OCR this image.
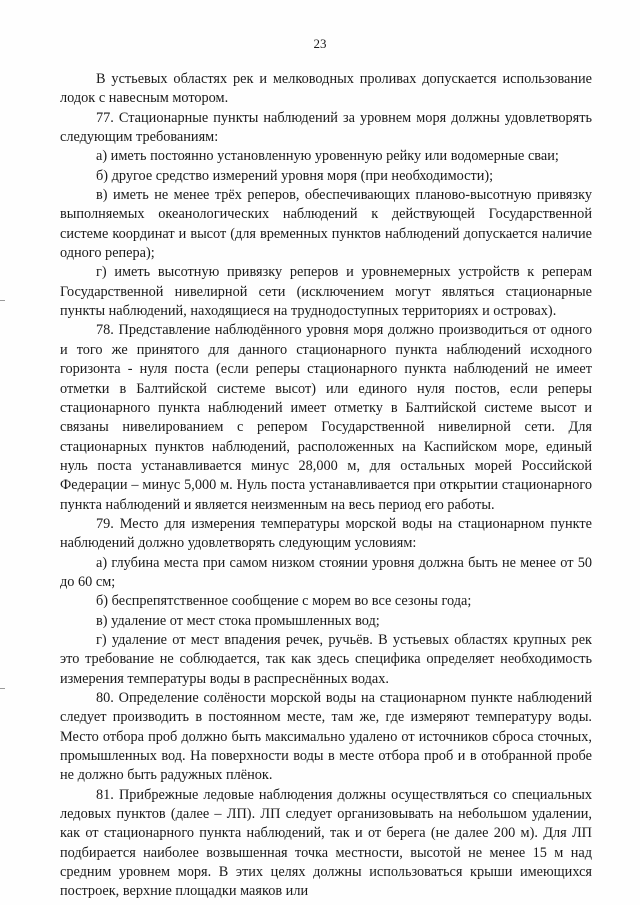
23

В устьевых областях рек и мелководных проливах допускается использование лодок с навесным мотором.

77. Стационарные пункты наблюдений за уровнем моря должны удовлетворять следующим требованиям:

а) иметь постоянно установленную уровенную рейку или водомерные сваи;

б) другое средство измерений уровня моря (при необходимости);

в) иметь не менее трёх реперов, обеспечивающих планово-высотную привязку выполняемых океанологических наблюдений к действующей Государственной системе координат и высот (для временных пунктов наблюдений допускается наличие одного репера);

г) иметь высотную привязку реперов и уровнемерных устройств к реперам Государственной нивелирной сети (исключением могут являться стационарные пункты наблюдений, находящиеся на труднодоступных территориях и островах).

78. Представление наблюдённого уровня моря должно производиться от одного и того же принятого для данного стационарного пункта наблюдений исходного горизонта - нуля поста (если реперы стационарного пункта наблюдений не имеет отметки в Балтийской системе высот) или единого нуля постов, если реперы стационарного пункта наблюдений имеет отметку в Балтийской системе высот и связаны нивелированием с репером Государственной нивелирной сети. Для стационарных пунктов наблюдений, расположенных на Каспийском море, единый нуль поста устанавливается минус 28,000 м, для остальных морей Российской Федерации – минус 5,000 м. Нуль поста устанавливается при открытии стационарного пункта наблюдений и является неизменным на весь период его работы.

79. Место для измерения температуры морской воды на стационарном пункте наблюдений должно удовлетворять следующим условиям:

а) глубина места при самом низком стоянии уровня должна быть не менее от 50 до 60 см;

б) беспрепятственное сообщение с морем во все сезоны года;

в) удаление от мест стока промышленных вод;

г) удаление от мест впадения речек, ручьёв. В устьевых областях крупных рек это требование не соблюдается, так как здесь специфика определяет необходимость измерения температуры воды в распреснённых водах.

80. Определение солёности морской воды на стационарном пункте наблюдений следует производить в постоянном месте, там же, где измеряют температуру воды. Место отбора проб должно быть максимально удалено от источников сброса сточных, промышленных вод. На поверхности воды в месте отбора проб и в отобранной пробе не должно быть радужных плёнок.

81. Прибрежные ледовые наблюдения должны осуществляться со специальных ледовых пунктов (далее – ЛП). ЛП следует организовывать на небольшом удалении, как от стационарного пункта наблюдений, так и от берега (не далее 200 м). Для ЛП подбирается наиболее возвышенная точка местности, высотой не менее 15 м над средним уровнем моря. В этих целях должны использоваться крыши имеющихся построек, верхние площадки маяков или
